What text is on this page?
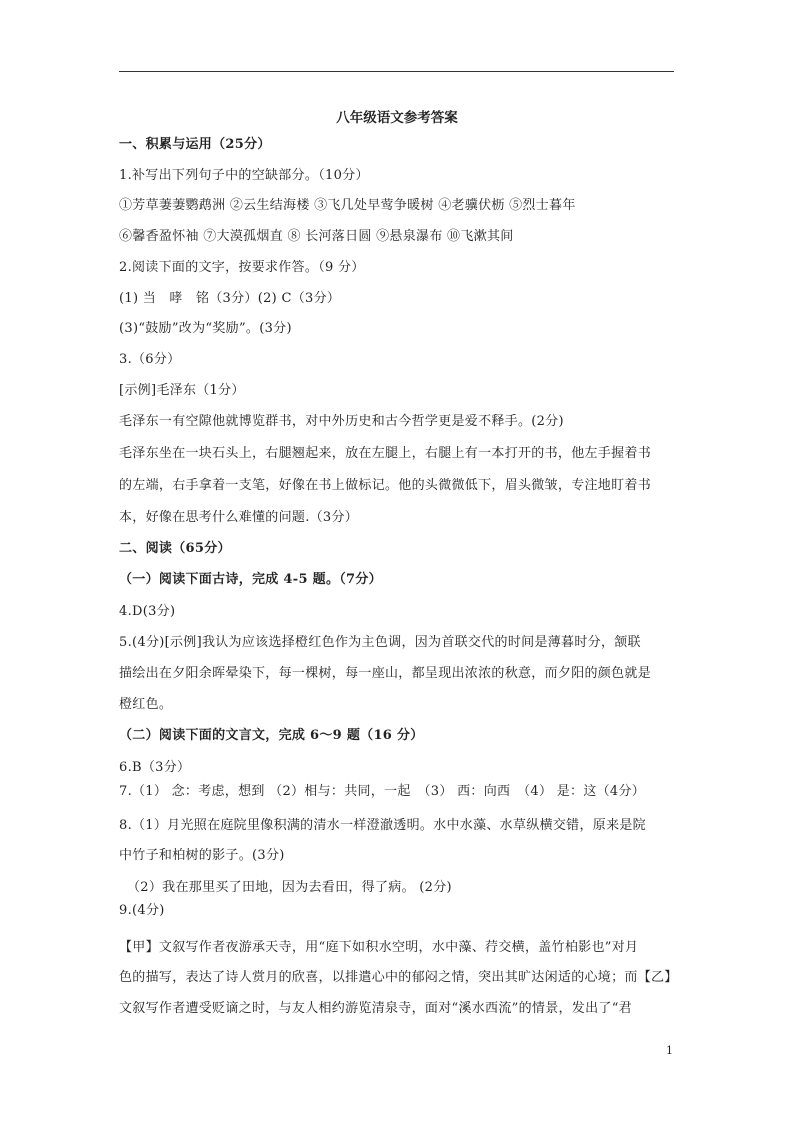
八年级语文参考答案
一、积累与运用（25分）
1.补写出下列句子中的空缺部分。（10分）
①芳草萋萋鹦鹉洲 ②云生结海楼 ③飞几处早莺争暖树 ④老骥伏枥 ⑤烈士暮年
⑥馨香盈怀袖 ⑦大漠孤烟直 ⑧ 长河落日圆 ⑨悬泉瀑布 ⑩飞漱其间
2.阅读下面的文字，按要求作答。（9 分）
(1) 当　哮　铭（3分）(2) C（3分）
(3)“鼓励”改为“奖励”。(3分)
3.（6分）
[示例]毛泽东（1分）
毛泽东一有空隙他就博览群书，对中外历史和古今哲学更是爱不释手。(2分)
毛泽东坐在一块石头上，右腿翘起来，放在左腿上，右腿上有一本打开的书，他左手握着书
的左端，右手拿着一支笔，好像在书上做标记。他的头微微低下，眉头微皱，专注地盯着书
本，好像在思考什么难懂的问题.（3分）
二、阅读（65分）
（一）阅读下面古诗，完成 4-5 题。（7分）
4.D(3分)
5.(4分)[示例]我认为应该选择橙红色作为主色调，因为首联交代的时间是薄暮时分，颔联
描绘出在夕阳余晖晕染下，每一棵树，每一座山，都呈现出浓浓的秋意，而夕阳的颜色就是
橙红色。
（二）阅读下面的文言文，完成 6～9 题（16 分）
6.B（3分）
7.（1） 念：考虑，想到 （2）相与：共同，一起　（3） 西：向西　（4） 是：这（4分）
8.（1）月光照在庭院里像积满的清水一样澄澈透明。水中水藻、水草纵横交错，原来是院
中竹子和柏树的影子。(3分)
（2）我在那里买了田地，因为去看田，得了病。 (2分)
9.(4分)
【甲】文叙写作者夜游承天寺，用“庭下如积水空明，水中藻、荇交横，盖竹柏影也”对月
色的描写，表达了诗人赏月的欣喜，以排遣心中的郁闷之情，突出其旷达闲适的心境；而【乙】
文叙写作者遭受贬谪之时，与友人相约游览清泉寺，面对“溪水西流”的情景，发出了“君
1
